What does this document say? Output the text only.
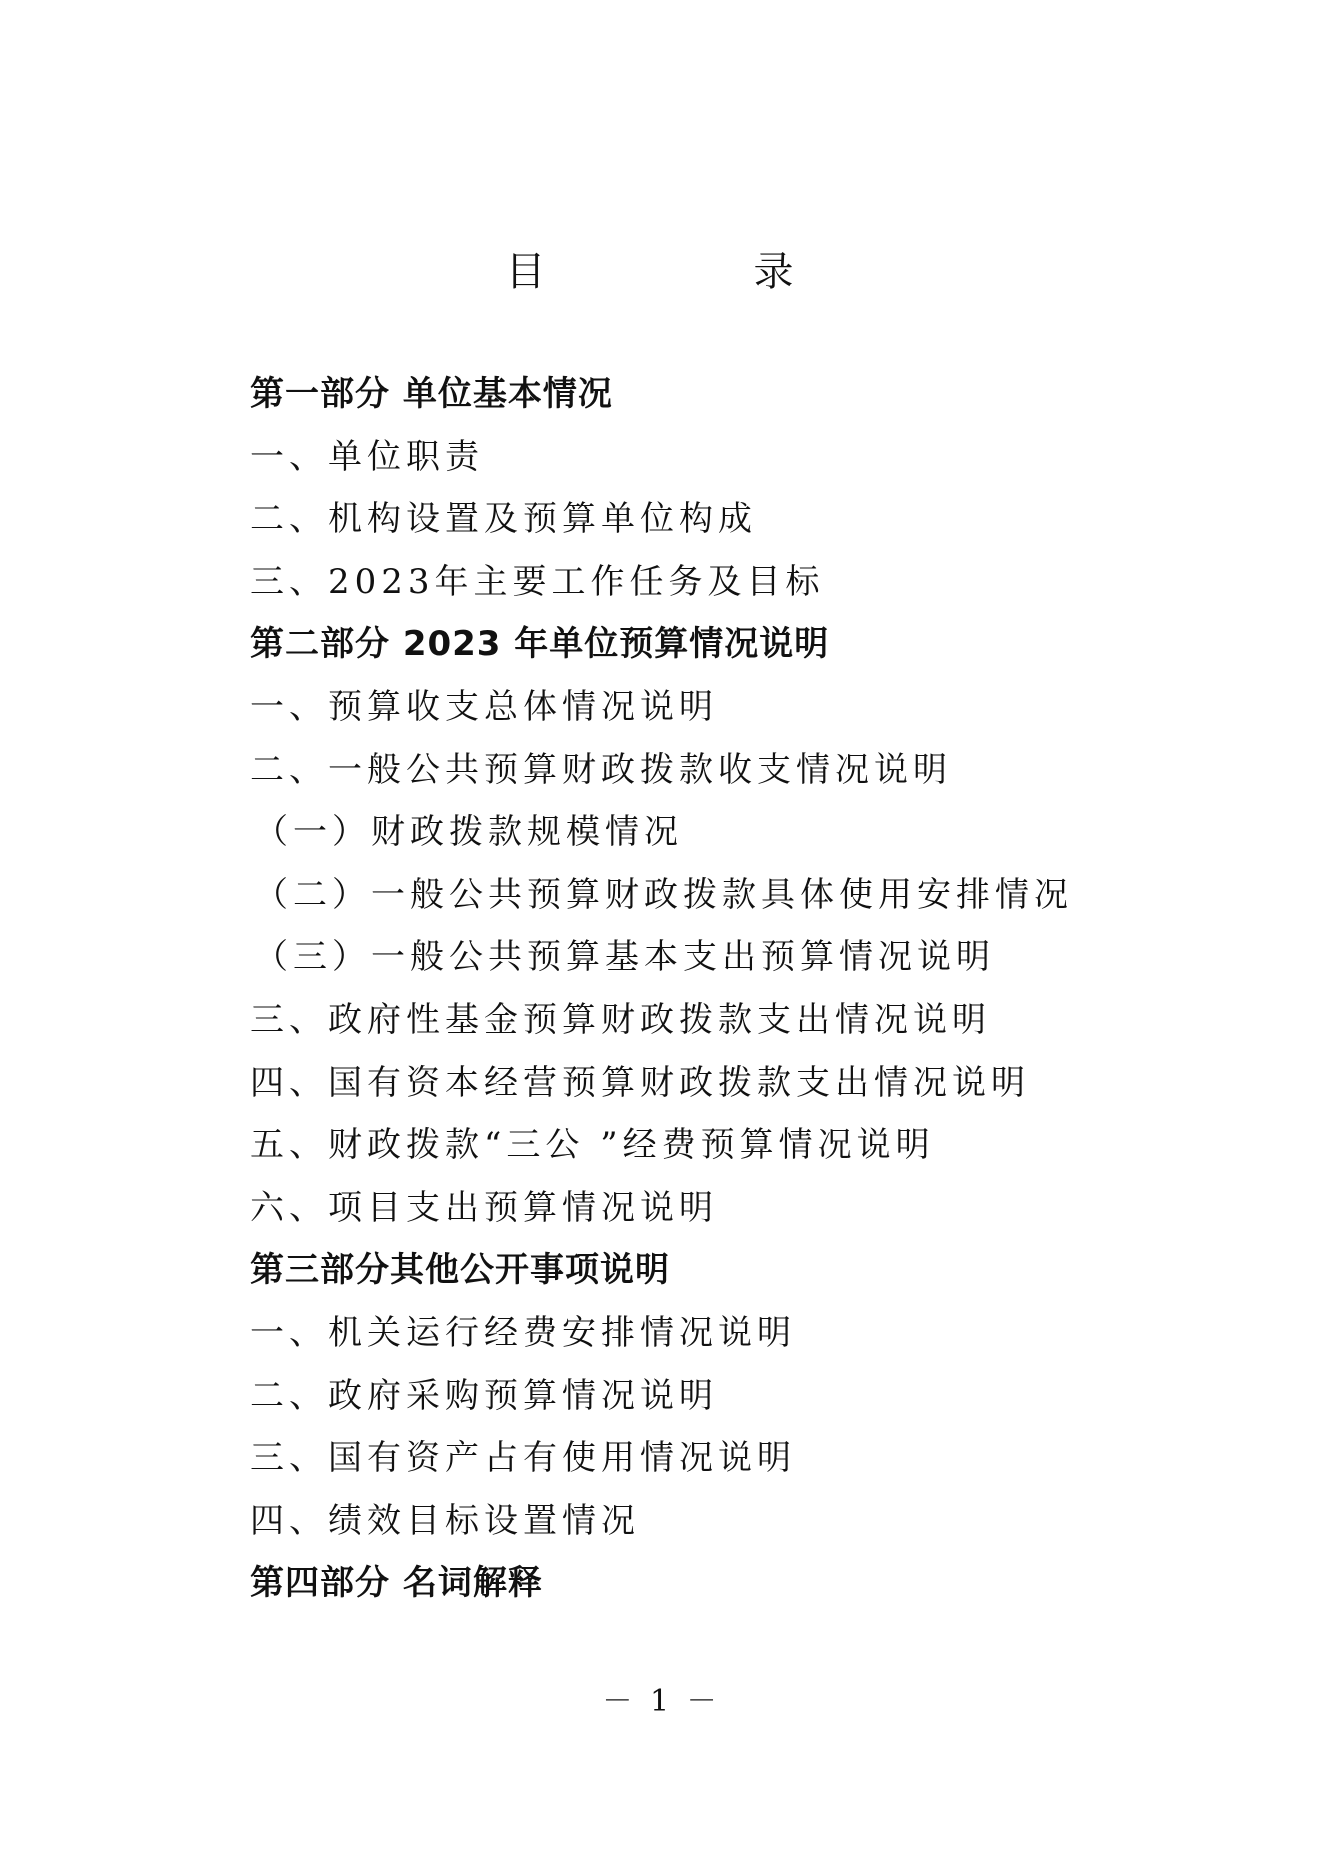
目　录
第一部分 单位基本情况
一、单位职责
二、机构设置及预算单位构成
三、2023年主要工作任务及目标
第二部分 2023 年单位预算情况说明
一、预算收支总体情况说明
二、一般公共预算财政拨款收支情况说明
（一）财政拨款规模情况
（二）一般公共预算财政拨款具体使用安排情况
（三）一般公共预算基本支出预算情况说明
三、政府性基金预算财政拨款支出情况说明
四、国有资本经营预算财政拨款支出情况说明
五、财政拨款“三公 ”经费预算情况说明
六、项目支出预算情况说明
第三部分其他公开事项说明
一、机关运行经费安排情况说明
二、政府采购预算情况说明
三、国有资产占有使用情况说明
四、绩效目标设置情况
第四部分 名词解释
－ 1 －
